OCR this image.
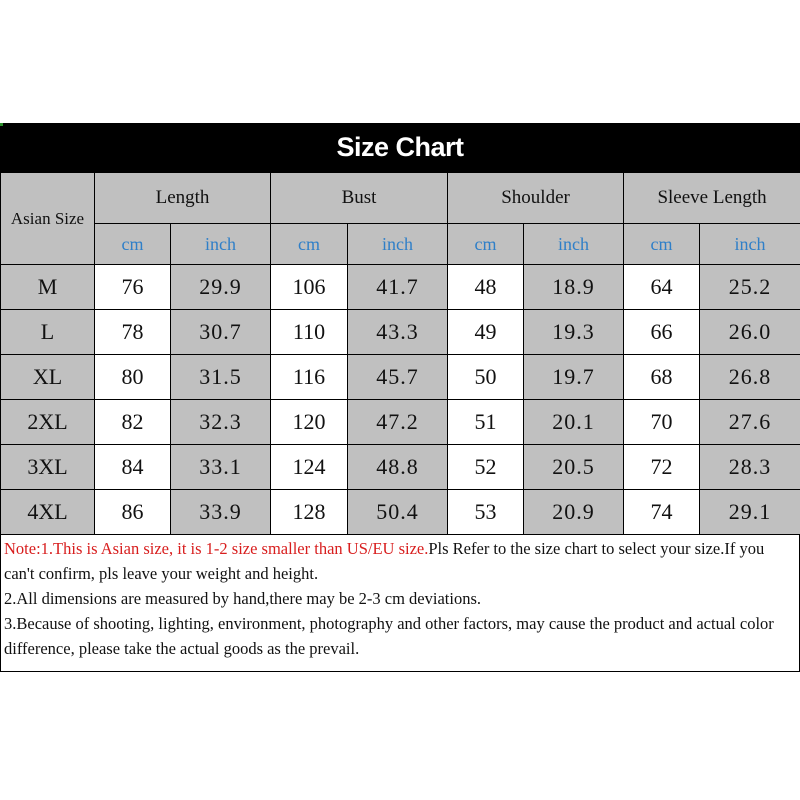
Size Chart
Asian Size	Length		Bust		Shoulder		Sleeve Length	
	cm	inch	cm	inch	cm	inch	cm	inch
M	76	29.9	106	41.7	48	18.9	64	25.2
L	78	30.7	110	43.3	49	19.3	66	26.0
XL	80	31.5	116	45.7	50	19.7	68	26.8
2XL	82	32.3	120	47.2	51	20.1	70	27.6
3XL	84	33.1	124	48.8	52	20.5	72	28.3
4XL	86	33.9	128	50.4	53	20.9	74	29.1

Note:1.This is Asian size, it is 1-2 size smaller than US/EU size.Pls Refer to the size chart to select your size.If you can't confirm, pls leave your weight and height.

2.All dimensions are measured by hand,there may be 2-3 cm deviations.

3.Because of shooting, lighting, environment, photography and other factors, may cause the product and actual color difference, please take the actual goods as the prevail.
